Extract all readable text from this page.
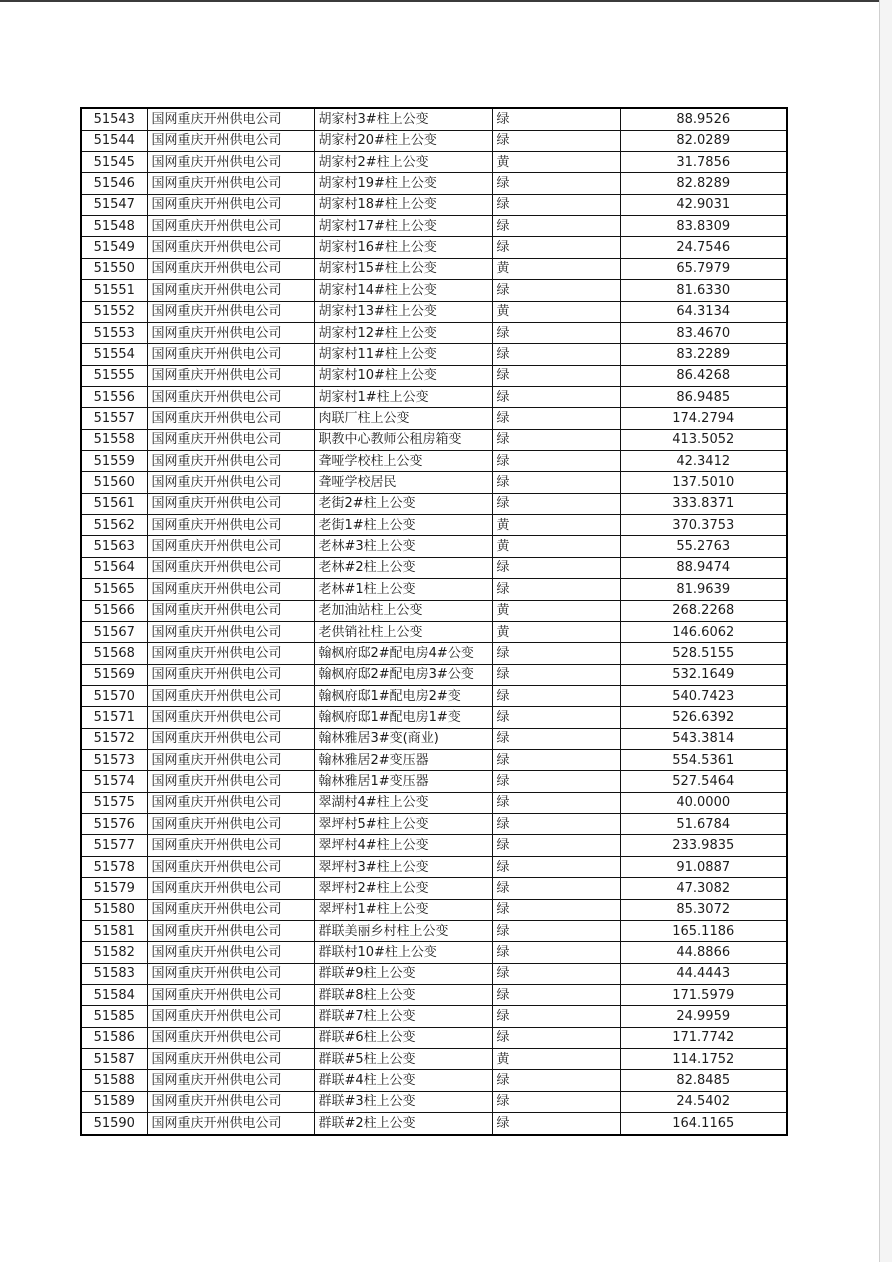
51543	国网重庆开州供电公司	胡家村3#柱上公变	绿	88.9526
51544	国网重庆开州供电公司	胡家村20#柱上公变	绿	82.0289
51545	国网重庆开州供电公司	胡家村2#柱上公变	黄	31.7856
51546	国网重庆开州供电公司	胡家村19#柱上公变	绿	82.8289
51547	国网重庆开州供电公司	胡家村18#柱上公变	绿	42.9031
51548	国网重庆开州供电公司	胡家村17#柱上公变	绿	83.8309
51549	国网重庆开州供电公司	胡家村16#柱上公变	绿	24.7546
51550	国网重庆开州供电公司	胡家村15#柱上公变	黄	65.7979
51551	国网重庆开州供电公司	胡家村14#柱上公变	绿	81.6330
51552	国网重庆开州供电公司	胡家村13#柱上公变	黄	64.3134
51553	国网重庆开州供电公司	胡家村12#柱上公变	绿	83.4670
51554	国网重庆开州供电公司	胡家村11#柱上公变	绿	83.2289
51555	国网重庆开州供电公司	胡家村10#柱上公变	绿	86.4268
51556	国网重庆开州供电公司	胡家村1#柱上公变	绿	86.9485
51557	国网重庆开州供电公司	肉联厂柱上公变	绿	174.2794
51558	国网重庆开州供电公司	职教中心教师公租房箱变	绿	413.5052
51559	国网重庆开州供电公司	聋哑学校柱上公变	绿	42.3412
51560	国网重庆开州供电公司	聋哑学校居民	绿	137.5010
51561	国网重庆开州供电公司	老街2#柱上公变	绿	333.8371
51562	国网重庆开州供电公司	老街1#柱上公变	黄	370.3753
51563	国网重庆开州供电公司	老林#3柱上公变	黄	55.2763
51564	国网重庆开州供电公司	老林#2柱上公变	绿	88.9474
51565	国网重庆开州供电公司	老林#1柱上公变	绿	81.9639
51566	国网重庆开州供电公司	老加油站柱上公变	黄	268.2268
51567	国网重庆开州供电公司	老供销社柱上公变	黄	146.6062
51568	国网重庆开州供电公司	翰枫府邸2#配电房4#公变	绿	528.5155
51569	国网重庆开州供电公司	翰枫府邸2#配电房3#公变	绿	532.1649
51570	国网重庆开州供电公司	翰枫府邸1#配电房2#变	绿	540.7423
51571	国网重庆开州供电公司	翰枫府邸1#配电房1#变	绿	526.6392
51572	国网重庆开州供电公司	翰林雅居3#变(商业)	绿	543.3814
51573	国网重庆开州供电公司	翰林雅居2#变压器	绿	554.5361
51574	国网重庆开州供电公司	翰林雅居1#变压器	绿	527.5464
51575	国网重庆开州供电公司	翠湖村4#柱上公变	绿	40.0000
51576	国网重庆开州供电公司	翠坪村5#柱上公变	绿	51.6784
51577	国网重庆开州供电公司	翠坪村4#柱上公变	绿	233.9835
51578	国网重庆开州供电公司	翠坪村3#柱上公变	绿	91.0887
51579	国网重庆开州供电公司	翠坪村2#柱上公变	绿	47.3082
51580	国网重庆开州供电公司	翠坪村1#柱上公变	绿	85.3072
51581	国网重庆开州供电公司	群联美丽乡村柱上公变	绿	165.1186
51582	国网重庆开州供电公司	群联村10#柱上公变	绿	44.8866
51583	国网重庆开州供电公司	群联#9柱上公变	绿	44.4443
51584	国网重庆开州供电公司	群联#8柱上公变	绿	171.5979
51585	国网重庆开州供电公司	群联#7柱上公变	绿	24.9959
51586	国网重庆开州供电公司	群联#6柱上公变	绿	171.7742
51587	国网重庆开州供电公司	群联#5柱上公变	黄	114.1752
51588	国网重庆开州供电公司	群联#4柱上公变	绿	82.8485
51589	国网重庆开州供电公司	群联#3柱上公变	绿	24.5402
51590	国网重庆开州供电公司	群联#2柱上公变	绿	164.1165
